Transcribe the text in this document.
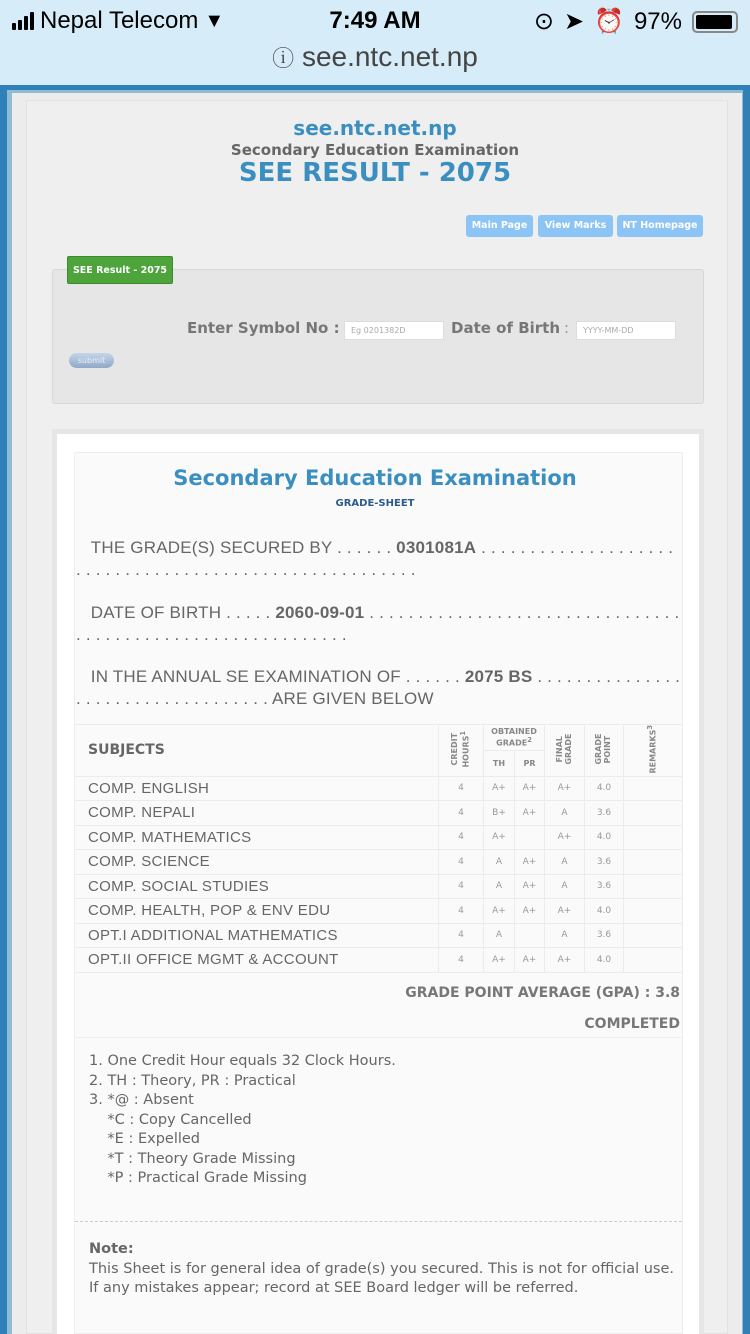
Nepal Telecom ▼	7:49 AM	⊙ ➤ ⏰ 97%
ⓘ see.ntc.net.np
see.ntc.net.np
Secondary Education Examination
SEE RESULT - 2075
Main Page	View Marks	NT Homepage
SEE Result - 2075
Enter Symbol No :	Eg 0201382D	Date of Birth :	YYYY-MM-DD
submit
Secondary Education Examination
GRADE-SHEET
THE GRADE(S) SECURED BY . . . . . . 0301081A . . . . . . . . . . . . . . . . . . . . . . . . . . . . . . . . . . . . . . . . . . . . . . . . . . . . . . .
DATE OF BIRTH . . . . . 2060-09-01 . . . . . . . . . . . . . . . . . . . . . . . . . . . . . . . . . . . . . . . . . . . . . . . . . . . . . . . . . . . .
IN THE ANNUAL SE EXAMINATION OF . . . . . . 2075 BS . . . . . . . . . . . . . . . . . . . . . . . . . . . . . . . . . . . ARE GIVEN BELOW
SUBJECTS	CREDIT HOURS$^1$	OBTAINED GRADE$^2$		FINAL GRADE	GRADE POINT	REMARKS$^3$
		TH	PR			
COMP. ENGLISH	4	A+	A+	A+	4.0	
COMP. NEPALI	4	B+	A+	A	3.6	
COMP. MATHEMATICS	4	A+		A+	4.0	
COMP. SCIENCE	4	A	A+	A	3.6	
COMP. SOCIAL STUDIES	4	A	A+	A	3.6	
COMP. HEALTH, POP & ENV EDU	4	A+	A+	A+	4.0	
OPT.I ADDITIONAL MATHEMATICS	4	A		A	3.6	
OPT.II OFFICE MGMT & ACCOUNT	4	A+	A+	A+	4.0	
GRADE POINT AVERAGE (GPA) : 3.8
COMPLETED
1. One Credit Hour equals 32 Clock Hours.
2. TH : Theory, PR : Practical
3. *@ : Absent
*C : Copy Cancelled
*E : Expelled
*T : Theory Grade Missing
*P : Practical Grade Missing
Note:
This Sheet is for general idea of grade(s) you secured. This is not for official use. If any mistakes appear; record at SEE Board ledger will be referred.
